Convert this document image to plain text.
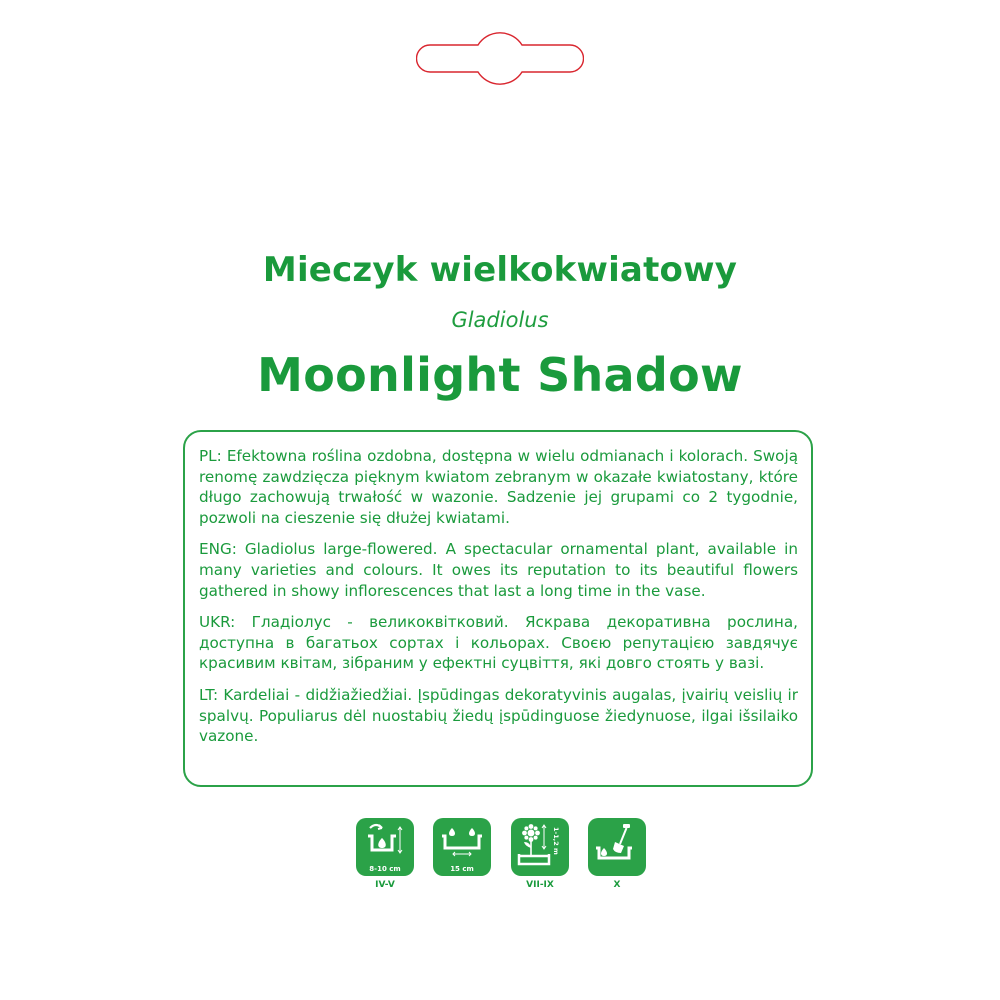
Mieczyk wielkokwiatowy
Gladiolus
Moonlight Shadow

PL: Efektowna roślina ozdobna, dostępna w wielu odmianach i kolorach. Swoją renomę zawdzięcza pięknym kwiatom zebranym w okazałe kwiatostany, które długo zachowują trwałość w wazonie. Sadzenie jej grupami co 2 tygodnie, pozwoli na cieszenie się dłużej kwiatami.

ENG: Gladiolus large-flowered. A spectacular ornamental plant, available in many varieties and colours. It owes its reputation to its beautiful flowers gathered in showy inflorescences that last a long time in the vase.

UKR: Гладіолус - великоквітковий. Яскрава декоративна рослина, доступна в багатьох сортах і кольорах. Своєю репутацією завдячує красивим квітам, зібраним у ефектні суцвіття, які довго стоять у вазі.

LT: Kardeliai - didžiažiedžiai. Įspūdingas dekoratyvinis augalas, įvairių veislių ir spalvų. Populiarus dėl nuostabių žiedų įspūdinguose žiedynuose, ilgai išsilaiko vazone.

8-10 cm
IV-V
15 cm
1-1,2 m
VII-IX	X
